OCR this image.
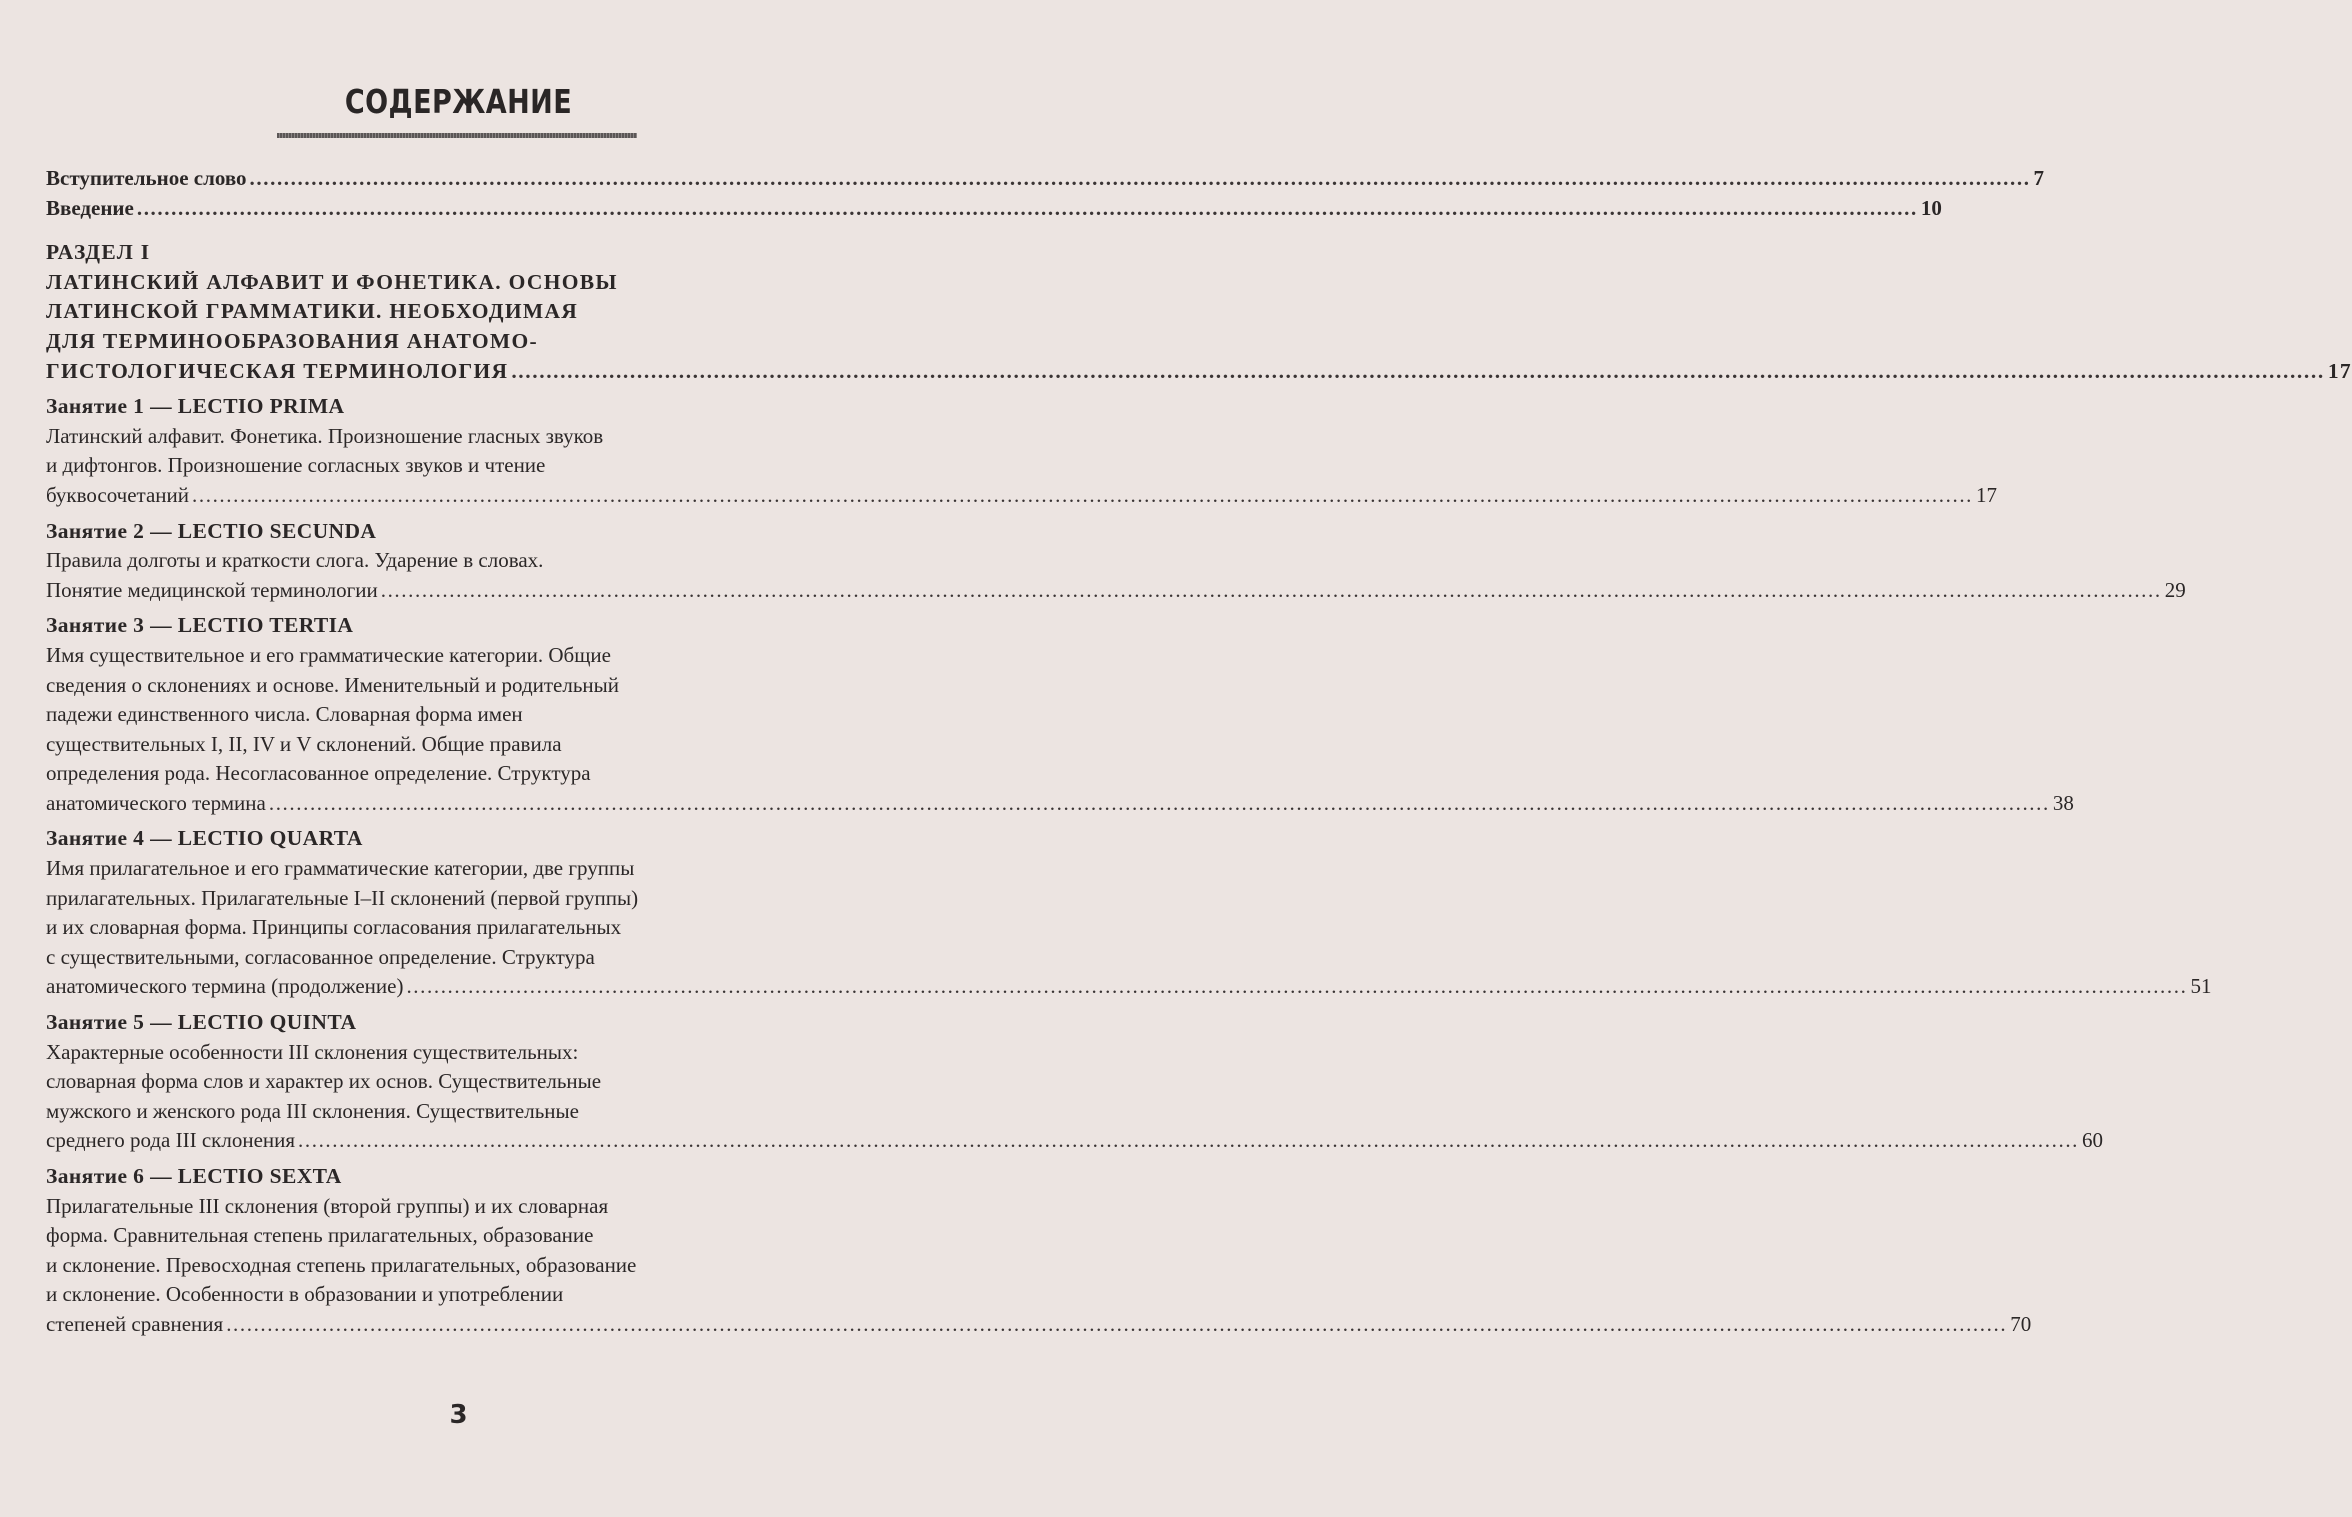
СОДЕРЖАНИЕ
Вступительное слово .................................................................................................................................................................................................................................................................... 7
Введение .................................................................................................................................................................................................................................................................... 10
РАЗДЕЛ I
ЛАТИНСКИЙ АЛФАВИТ И ФОНЕТИКА. ОСНОВЫ
ЛАТИНСКОЙ ГРАММАТИКИ. НЕОБХОДИМАЯ
ДЛЯ ТЕРМИНООБРАЗОВАНИЯ АНАТОМО-
ГИСТОЛОГИЧЕСКАЯ ТЕРМИНОЛОГИЯ .................................................................................................................................................................................................................................................................... 17
Занятие 1 — LECTIO PRIMA
Латинский алфавит. Фонетика. Произношение гласных звуков
и дифтонгов. Произношение согласных звуков и чтение
буквосочетаний .................................................................................................................................................................................................................................................................... 17
Занятие 2 — LECTIO SECUNDA
Правила долготы и краткости слога. Ударение в словах.
Понятие медицинской терминологии .................................................................................................................................................................................................................................................................... 29
Занятие 3 — LECTIO TERTIA
Имя существительное и его грамматические категории. Общие
сведения о склонениях и основе. Именительный и родительный
падежи единственного числа. Словарная форма имен
существительных I, II, IV и V склонений. Общие правила
определения рода. Несогласованное определение. Структура
анатомического термина .................................................................................................................................................................................................................................................................... 38
Занятие 4 — LECTIO QUARTA
Имя прилагательное и его грамматические категории, две группы
прилагательных. Прилагательные I–II склонений (первой группы)
и их словарная форма. Принципы согласования прилагательных
с существительными, согласованное определение. Структура
анатомического термина (продолжение) .................................................................................................................................................................................................................................................................... 51
Занятие 5 — LECTIO QUINTA
Характерные особенности III склонения существительных:
словарная форма слов и характер их основ. Существительные
мужского и женского рода III склонения. Существительные
среднего рода III склонения .................................................................................................................................................................................................................................................................... 60
Занятие 6 — LECTIO SEXTA
Прилагательные III склонения (второй группы) и их словарная
форма. Сравнительная степень прилагательных, образование
и склонение. Превосходная степень прилагательных, образование
и склонение. Особенности в образовании и употреблении
степеней сравнения .................................................................................................................................................................................................................................................................... 70
3
